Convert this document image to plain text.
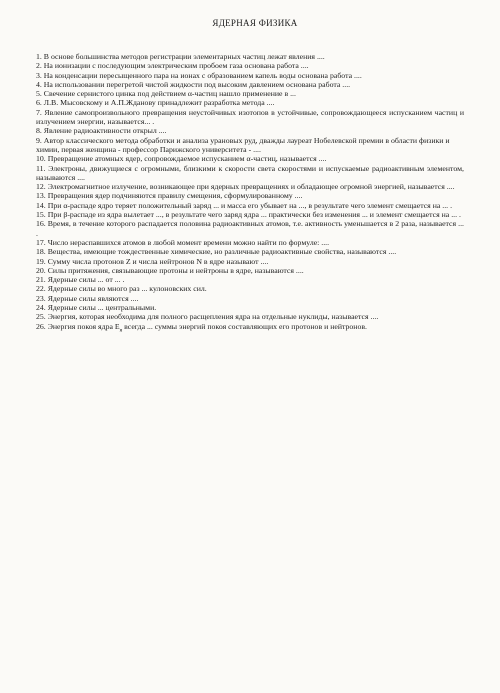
ЯДЕРНАЯ ФИЗИКА

1. В основе большинства методов регистрации элементарных частиц лежат явления ....

2. На ионизации с последующим электрическим пробоем газа основана работа ....

3. На конденсации пересыщенного пара на ионах с образованием капель воды основана работа ....

4. На использовании перегретой чистой жидкости под высоким давлением основана работа ....

5. Свечение сернистого цинка под действием α-частиц нашло применение в ...

6. Л.В. Мысовскому и А.П.Жданову принадлежит разработка метода ....

7. Явление самопроизвольного превращения неустойчивых изотопов в устойчивые, сопровождающееся испусканием частиц и излучением энергии, называется... .

8. Явление радиоактивности открыл ....

9. Автор классического метода обработки и анализа урановых руд, дважды лауреат Нобелевской премии в области физики и химии, первая женщина - профессор Парижского университета - ....

10. Превращение атомных ядер, сопровождаемое испусканием α-частиц, называется ....

11. Электроны, движущиеся с огромными, близкими к скорости света скоростями и испускаемые радиоактивным элементом, называются ....

12. Электромагнитное излучение, возникающее при ядерных превращениях и обладающее огромной энергией, называется ....

13. Превращения ядер подчиняются правилу смещения, сформулированному ....

14. При α-распаде ядро теряет положительный заряд ... и масса его убывает на ..., в результате чего элемент смещается на ... .

15. При β-распаде из ядра вылетает ..., в результате чего заряд ядра ... практически без изменения ... и элемент смещается на ... .

16. Время, в течение которого распадается половина радиоактивных атомов, т.е. активность уменьшается в 2 раза, называется ... .

17. Число нераспавшихся атомов в любой момент времени можно найти по формуле: ....

18. Вещества, имеющие тождественные химические, но различные радиоактивные свойства, называются ....

19. Сумму числа протонов Z и числа нейтронов N в ядре называют ....

20. Силы притяжения, связывающие протоны и нейтроны в ядре, называются ....

21. Ядерные силы ... от ... .

22. Ядерные силы во много раз ... кулоновских сил.

23. Ядерные силы являются ....

24. Ядерные силы ... центральными.

25. Энергия, которая необходима для полного расщепления ядра на отдельные нуклиды, называется ....

26. Энергия покоя ядра $E_я$ всегда ... суммы энергий покоя составляющих его протонов и нейтронов.
